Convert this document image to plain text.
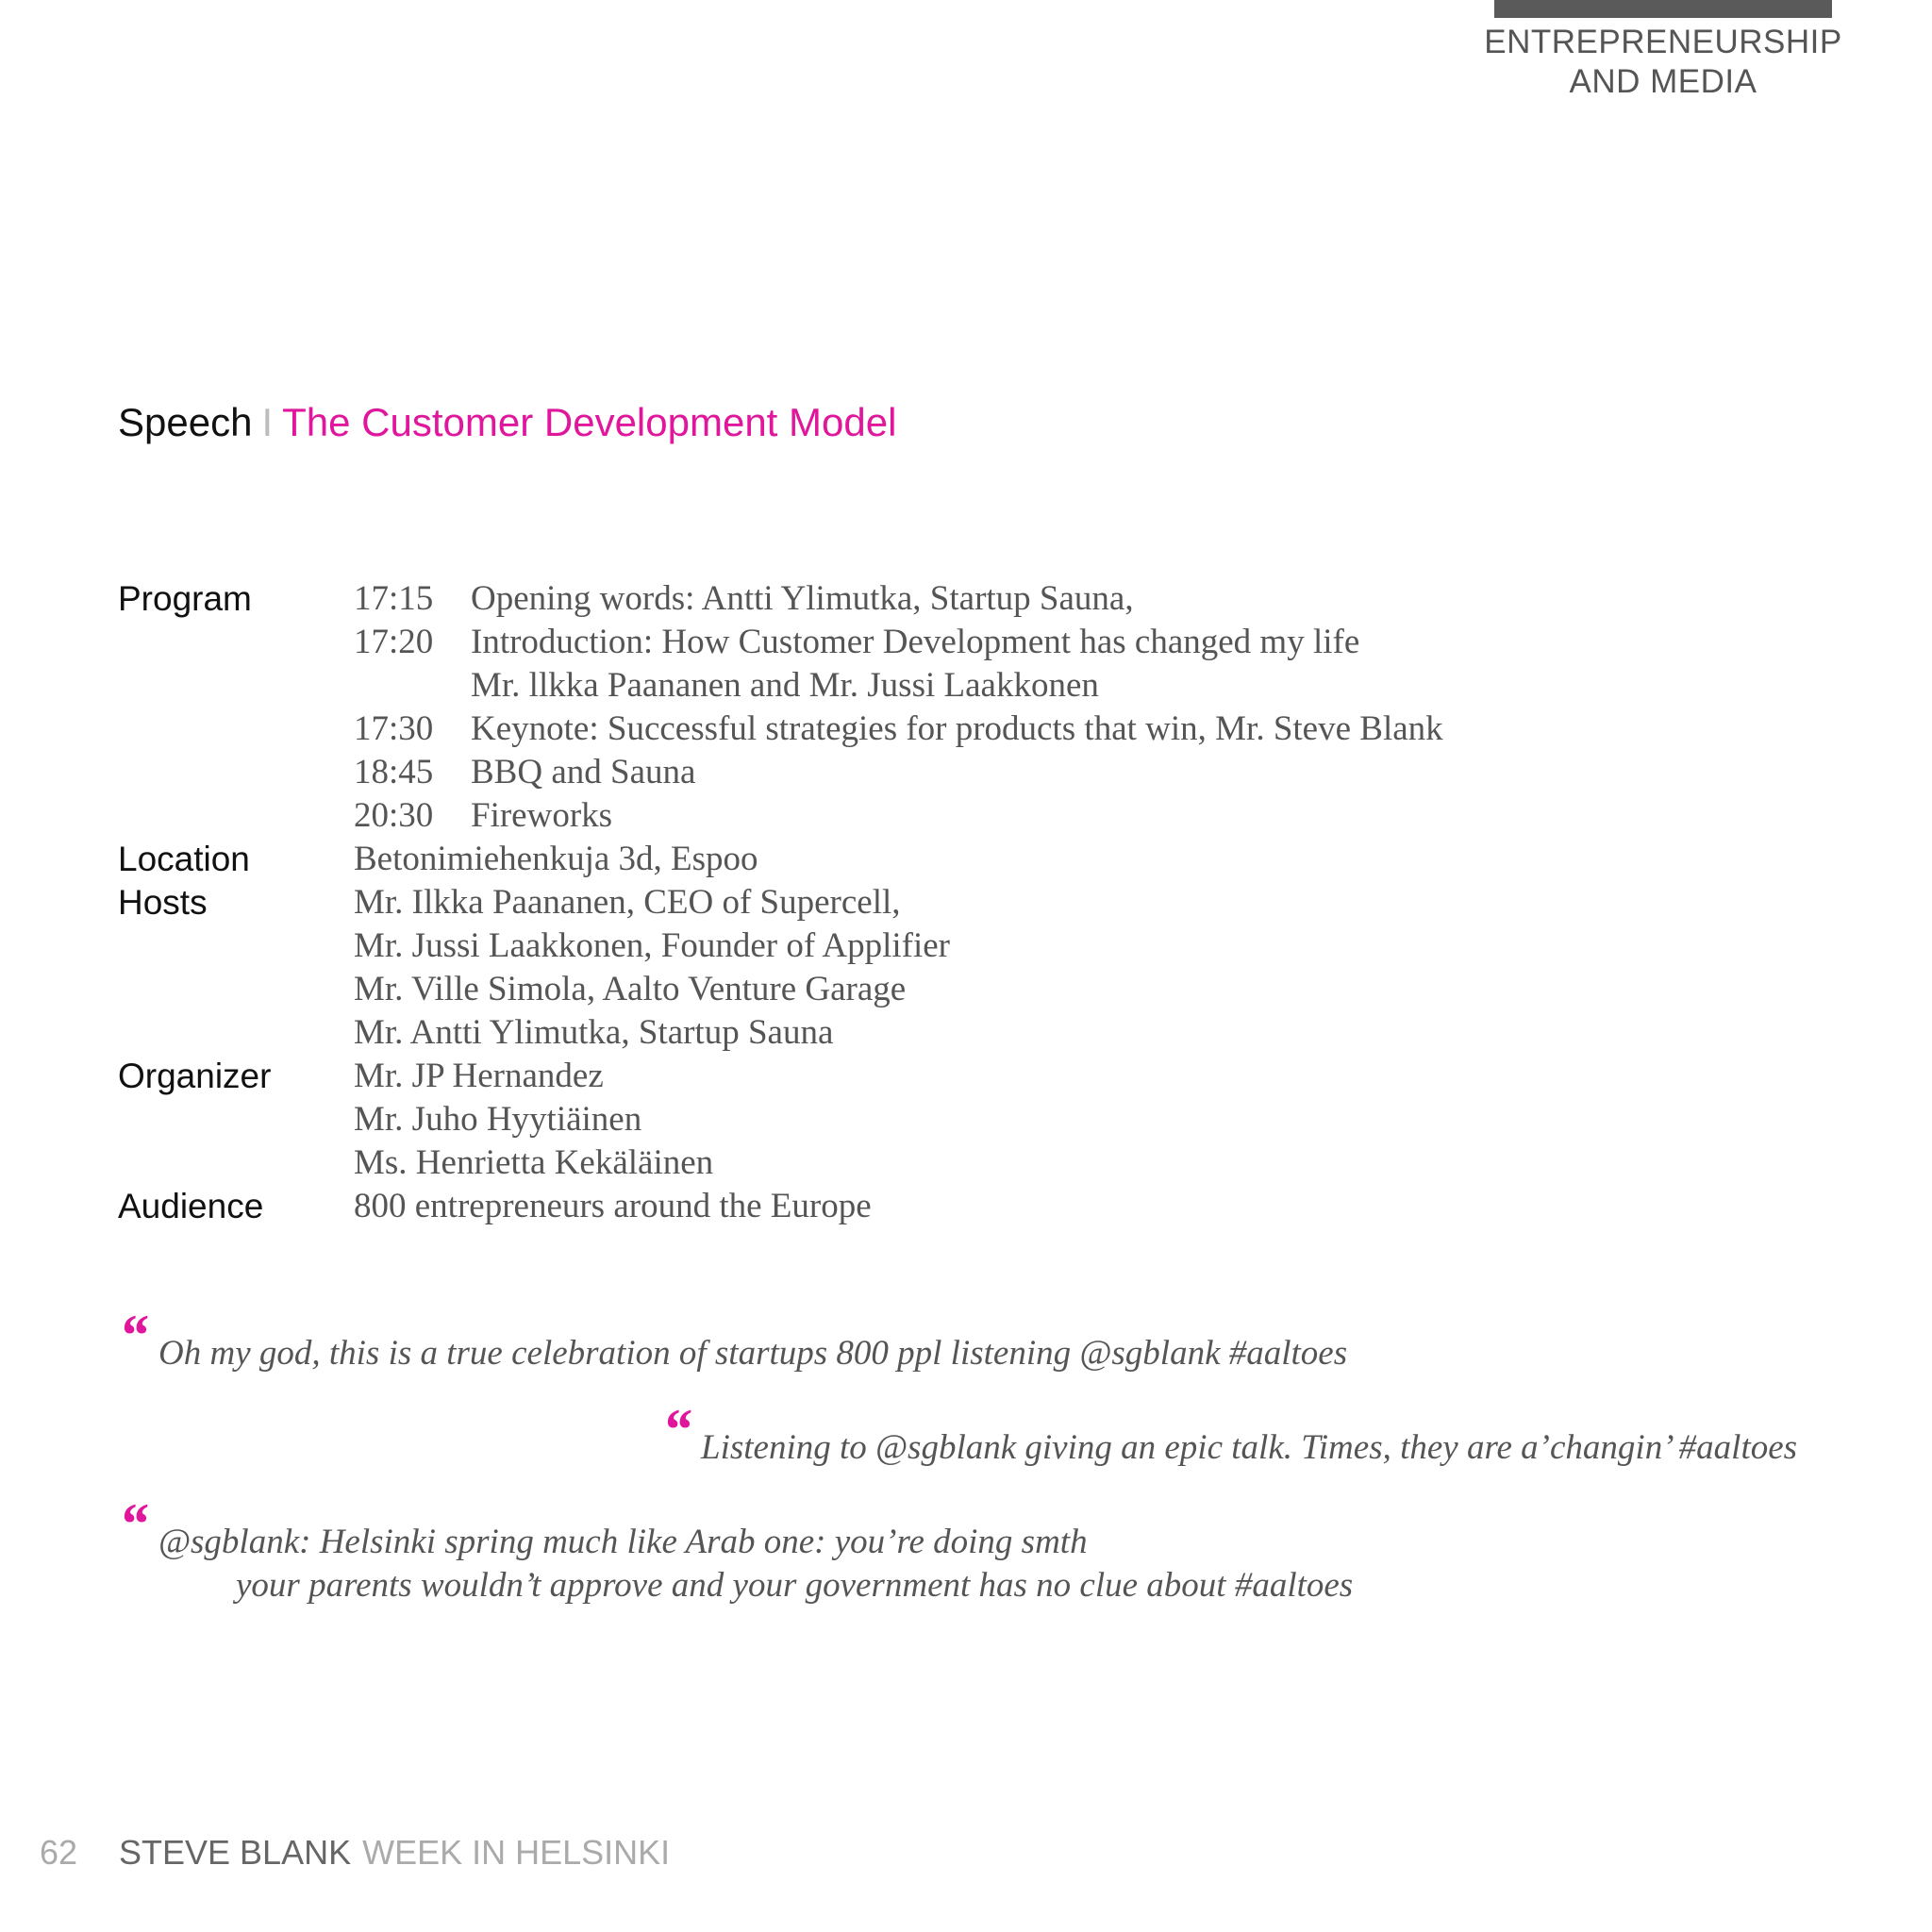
ENTREPRENEURSHIP
AND MEDIA
Speech I The Customer Development Model
Program	17:15 Opening words: Antti Ylimutka, Startup Sauna,
17:20 Introduction: How Customer Development has changed my life
Mr. llkka Paananen and Mr. Jussi Laakkonen
17:30 Keynote: Successful strategies for products that win, Mr. Steve Blank
18:45 BBQ and Sauna
20:30 Fireworks
Location	Betonimiehenkuja 3d, Espoo
Hosts	Mr. Ilkka Paananen, CEO of Supercell,
Mr. Jussi Laakkonen, Founder of Applifier
Mr. Ville Simola, Aalto Venture Garage
Mr. Antti Ylimutka, Startup Sauna
Organizer	Mr. JP Hernandez
Mr. Juho Hyytiäinen
Ms. Henrietta Kekäläinen
Audience	800 entrepreneurs around the Europe
“ Oh my god, this is a true celebration of startups 800 ppl listening @sgblank #aaltoes
“ Listening to @sgblank giving an epic talk. Times, they are a’changin’ #aaltoes
“ @sgblank: Helsinki spring much like Arab one: you’re doing smth
your parents wouldn’t approve and your government has no clue about #aaltoes
62 STEVE BLANK WEEK IN HELSINKI
